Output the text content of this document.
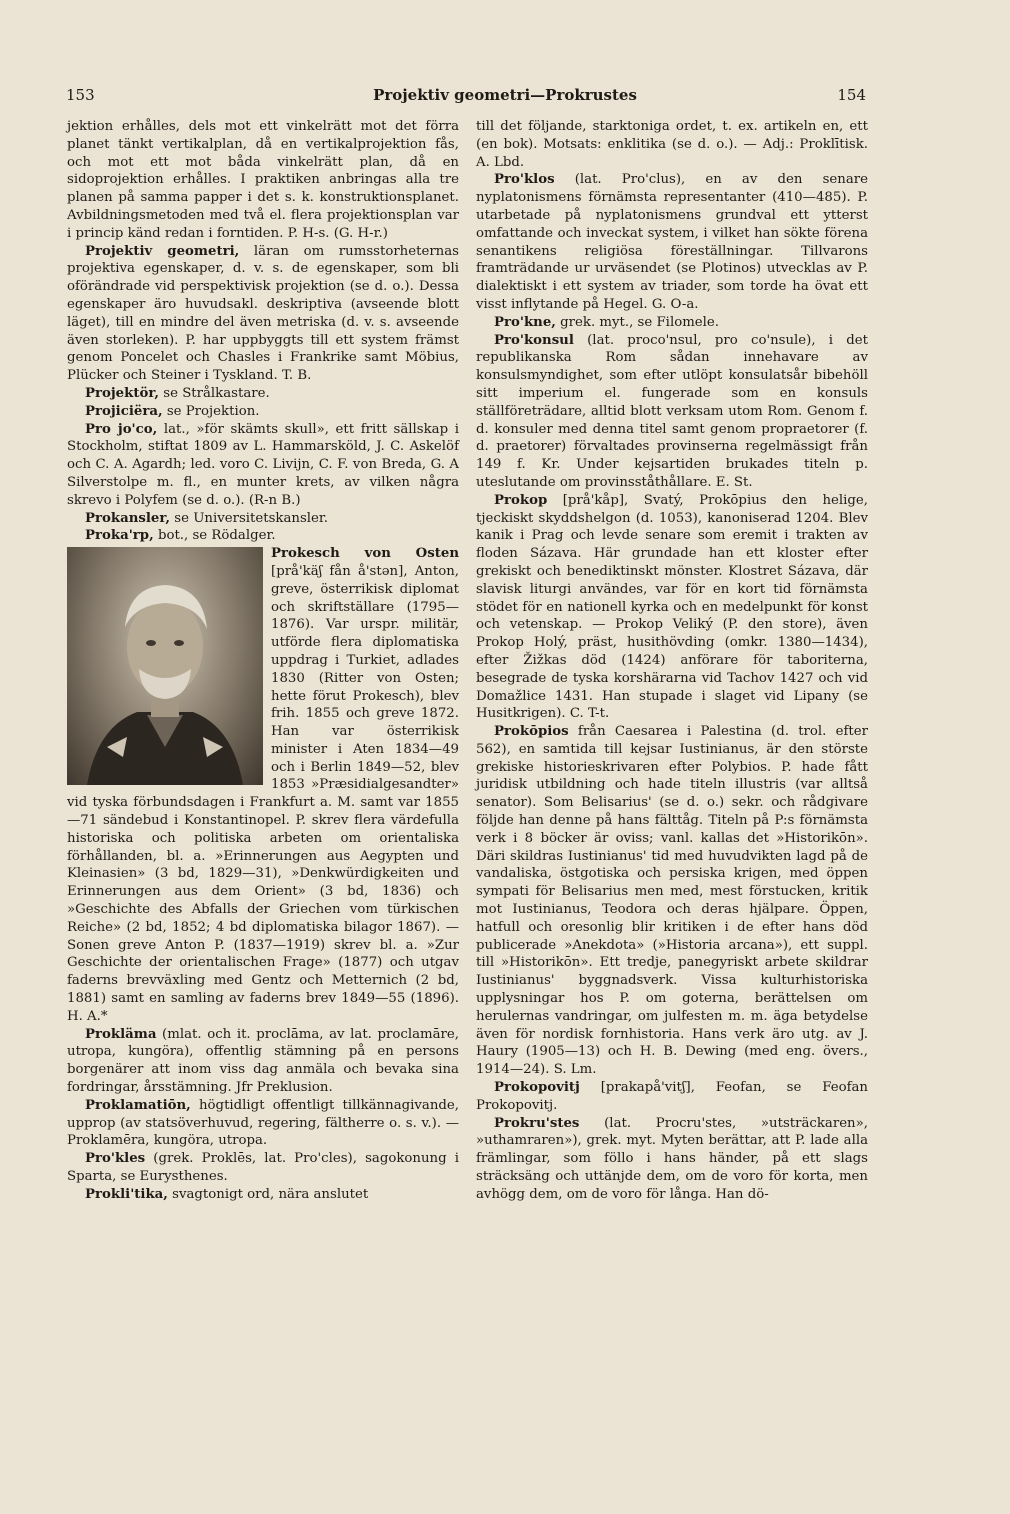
153	Projektiv geometri—Prokrustes	154

jektion erhålles, dels mot ett vinkelrätt mot det förra planet tänkt vertikalplan, då en vertikalprojektion fås, och mot ett mot båda vinkelrätt plan, då en sidoprojektion erhålles. I praktiken anbringas alla tre planen på samma papper i det s. k. konstruktionsplanet. Avbildningsmetoden med två el. flera projektionsplan var i princip känd redan i forntiden. P. H-s. (G. H-r.)

Projektiv geometri, läran om rumsstorheternas projektiva egenskaper, d. v. s. de egenskaper, som bli oförändrade vid perspektivisk projektion (se d. o.). Dessa egenskaper äro huvudsakl. deskriptiva (avseende blott läget), till en mindre del även metriska (d. v. s. avseende även storleken). P. har uppbyggts till ett system främst genom Poncelet och Chasles i Frankrike samt Möbius, Plücker och Steiner i Tyskland. T. B.

Projektör, se Strålkastare.

Projiciëra, se Projektion.

Pro jo'co, lat., »för skämts skull», ett fritt sällskap i Stockholm, stiftat 1809 av L. Hammarsköld, J. C. Askelöf och C. A. Agardh; led. voro C. Livijn, C. F. von Breda, G. A Silverstolpe m. fl., en munter krets, av vilken några skrevo i Polyfem (se d. o.). (R-n B.)

Prokansler, se Universitetskansler.

Proka'rp, bot., se Rödalger.

Prokesch von Osten [prå'käʃ fån å'stən], Anton, greve, österrikisk diplomat och skriftställare (1795—1876). Var urspr. militär, utförde flera diplomatiska uppdrag i Turkiet, adlades 1830 (Ritter von Osten; hette förut Prokesch), blev frih. 1855 och greve 1872. Han var österrikisk minister i Aten 1834—49 och i Berlin 1849—52, blev 1853 »Præsidialgesandter» vid tyska förbundsdagen i Frankfurt a. M. samt var 1855—71 sändebud i Konstantinopel. P. skrev flera värdefulla historiska och politiska arbeten om orientaliska förhållanden, bl. a. »Erinnerungen aus Aegypten und Kleinasien» (3 bd, 1829—31), »Denkwürdigkeiten und Erinnerungen aus dem Orient» (3 bd, 1836) och »Geschichte des Abfalls der Griechen vom türkischen Reiche» (2 bd, 1852; 4 bd diplomatiska bilagor 1867). — Sonen greve Anton P. (1837—1919) skrev bl. a. »Zur Geschichte der orientalischen Frage» (1877) och utgav faderns brevväxling med Gentz och Metternich (2 bd, 1881) samt en samling av faderns brev 1849—55 (1896). H. A.*

Prokläma (mlat. och it. proclāma, av lat. proclamāre, utropa, kungöra), offentlig stämning på en persons borgenärer att inom viss dag anmäla och bevaka sina fordringar, årsstämning. Jfr Preklusion.

Proklamatiōn, högtidligt offentligt tillkännagivande, upprop (av statsöverhuvud, regering, fältherre o. s. v.). — Proklamēra, kungöra, utropa.

Pro'kles (grek. Proklēs, lat. Pro'cles), sagokonung i Sparta, se Eurysthenes.

Prokli'tika, svagtonigt ord, nära anslutet

till det följande, starktoniga ordet, t. ex. artikeln en, ett (en bok). Motsats: enklitika (se d. o.). — Adj.: Proklītisk. A. Lbd.

Pro'klos (lat. Pro'clus), en av den senare nyplatonismens förnämsta representanter (410—485). P. utarbetade på nyplatonismens grundval ett ytterst omfattande och inveckat system, i vilket han sökte förena senantikens religiösa föreställningar. Tillvarons framträdande ur urväsendet (se Plotinos) utvecklas av P. dialektiskt i ett system av triader, som torde ha övat ett visst inflytande på Hegel. G. O-a.

Pro'kne, grek. myt., se Filomele.

Pro'konsul (lat. proco'nsul, pro co'nsule), i det republikanska Rom sådan innehavare av konsulsmyndighet, som efter utlöpt konsulatsår bibehöll sitt imperium el. fungerade som en konsuls ställföreträdare, alltid blott verksam utom Rom. Genom f. d. konsuler med denna titel samt genom propraetorer (f. d. praetorer) förvaltades provinserna regelmässigt från 149 f. Kr. Under kejsartiden brukades titeln p. uteslutande om provinsståthållare. E. St.

Prokop [prå'kåp], Svatý, Prokōpius den helige, tjeckiskt skyddshelgon (d. 1053), kanoniserad 1204. Blev kanik i Prag och levde senare som eremit i trakten av floden Sázava. Här grundade han ett kloster efter grekiskt och benediktinskt mönster. Klostret Sázava, där slavisk liturgi användes, var för en kort tid förnämsta stödet för en nationell kyrka och en medelpunkt för konst och vetenskap. — Prokop Veliký (P. den store), även Prokop Holý, präst, husithövding (omkr. 1380—1434), efter Žižkas död (1424) anförare för taboriterna, besegrade de tyska korshärarna vid Tachov 1427 och vid Domažlice 1431. Han stupade i slaget vid Lipany (se Husitkrigen). C. T-t.

Prokōpios från Caesarea i Palestina (d. trol. efter 562), en samtida till kejsar Iustinianus, är den störste grekiske historieskrivaren efter Polybios. P. hade fått juridisk utbildning och hade titeln illustris (var alltså senator). Som Belisarius' (se d. o.) sekr. och rådgivare följde han denne på hans fälttåg. Titeln på P:s förnämsta verk i 8 böcker är oviss; vanl. kallas det »Historikōn». Däri skildras Iustinianus' tid med huvudvikten lagd på de vandaliska, östgotiska och persiska krigen, med öppen sympati för Belisarius men med, mest förstucken, kritik mot Iustinianus, Teodora och deras hjälpare. Öppen, hatfull och oresonlig blir kritiken i de efter hans död publicerade »Anekdota» (»Historia arcana»), ett suppl. till »Historikōn». Ett tredje, panegyriskt arbete skildrar Iustinianus' byggnadsverk. Vissa kulturhistoriska upplysningar hos P. om goterna, berättelsen om herulernas vandringar, om julfesten m. m. äga betydelse även för nordisk fornhistoria. Hans verk äro utg. av J. Haury (1905—13) och H. B. Dewing (med eng. övers., 1914—24). S. Lm.

Prokopovitj [prakapå'vitʃ], Feofan, se Feofan Prokopovitj.

Prokru'stes (lat. Procru'stes, »utsträckaren», »uthamraren»), grek. myt. Myten berättar, att P. lade alla främlingar, som föllo i hans händer, på ett slags sträcksäng och uttänjde dem, om de voro för korta, men avhögg dem, om de voro för långa. Han dö-
